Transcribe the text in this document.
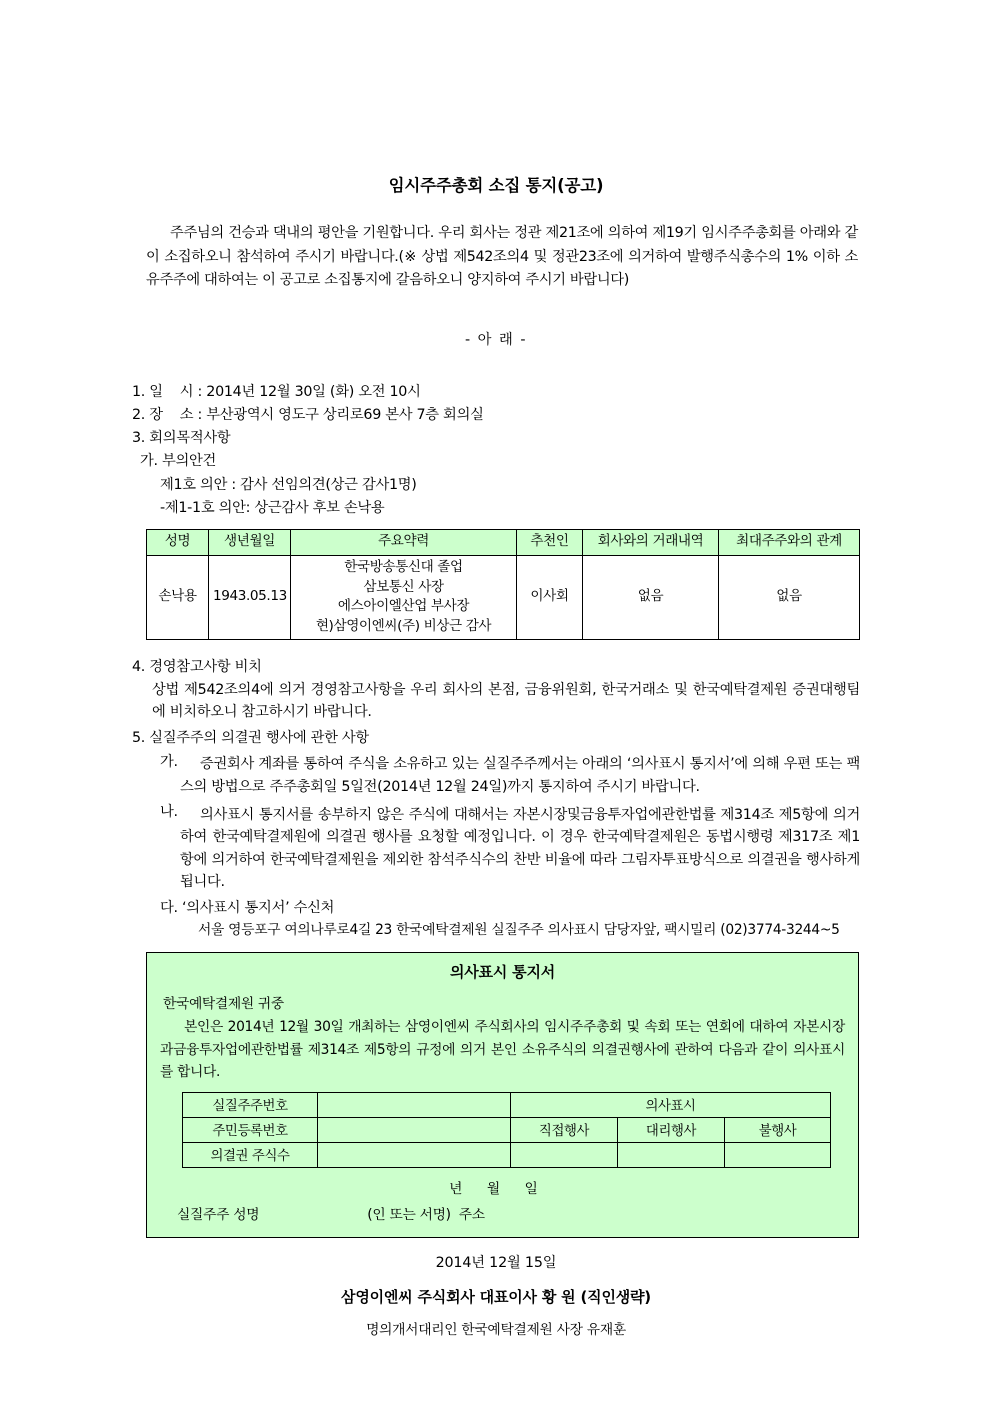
임시주주총회 소집 통지(공고)

주주님의 건승과 댁내의 평안을 기원합니다. 우리 회사는 정관 제21조에 의하여 제19기 임시주주총회를 아래와 같이 소집하오니 참석하여 주시기 바랍니다.(※ 상법 제542조의4 및 정관23조에 의거하여 발행주식총수의 1% 이하 소유주주에 대하여는 이 공고로 소집통지에 갈음하오니 양지하여 주시기 바랍니다)

- 아 래 -
1. 일    시 : 2014년 12월 30일 (화) 오전 10시
2. 장    소 : 부산광역시 영도구 상리로69 본사 7층 회의실
3. 회의목적사항
가. 부의안건
제1호 의안 : 감사 선임의견(상근 감사1명)
-제1-1호 의안: 상근감사 후보 손낙용
성명	생년월일	주요약력	추천인	회사와의 거래내역	최대주주와의 관계
손낙용	1943.05.13	한국방송통신대 졸업
삼보통신 사장
에스아이엘산업 부사장
현)삼영이엔씨(주) 비상근 감사	이사회	없음	없음
4. 경영참고사항 비치
상법 제542조의4에 의거 경영참고사항을 우리 회사의 본점, 금융위원회, 한국거래소 및 한국예탁결제원 증권대행팀에 비치하오니 참고하시기 바랍니다.
5. 실질주주의 의결권 행사에 관한 사항
가.	증권회사 계좌를 통하여 주식을 소유하고 있는 실질주주께서는 아래의 ‘의사표시 통지서’에 의해 우편 또는 팩스의 방법으로 주주총회일 5일전(2014년 12월 24일)까지 통지하여 주시기 바랍니다.
나.	의사표시 통지서를 송부하지 않은 주식에 대해서는 자본시장및금융투자업에관한법률 제314조 제5항에 의거하여 한국예탁결제원에 의결권 행사를 요청할 예정입니다. 이 경우 한국예탁결제원은 동법시행령 제317조 제1항에 의거하여 한국예탁결제원을 제외한 참석주식수의 찬반 비율에 따라 그림자투표방식으로 의결권을 행사하게 됩니다.
다. ‘의사표시 통지서’ 수신처
서울 영등포구 여의나루로4길 23 한국예탁결제원 실질주주 의사표시 담당자앞, 팩시밀리 (02)3774-3244~5
의사표시 통지서
한국예탁결제원 귀중
본인은 2014년 12월 30일 개최하는 삼영이엔씨 주식회사의 임시주주총회 및 속회 또는 연회에 대하여 자본시장과금융투자업에관한법률 제314조 제5항의 규정에 의거 본인 소유주식의 의결권행사에 관하여 다음과 같이 의사표시를 합니다.
실질주주번호		의사표시		
주민등록번호		직접행사	대리행사	불행사
의결권 주식수				
년 월 일
실질주주 성명	(인 또는 서명) 주소
2014년 12월 15일
삼영이엔씨 주식회사 대표이사 황 원 (직인생략)
명의개서대리인 한국예탁결제원 사장 유재훈
